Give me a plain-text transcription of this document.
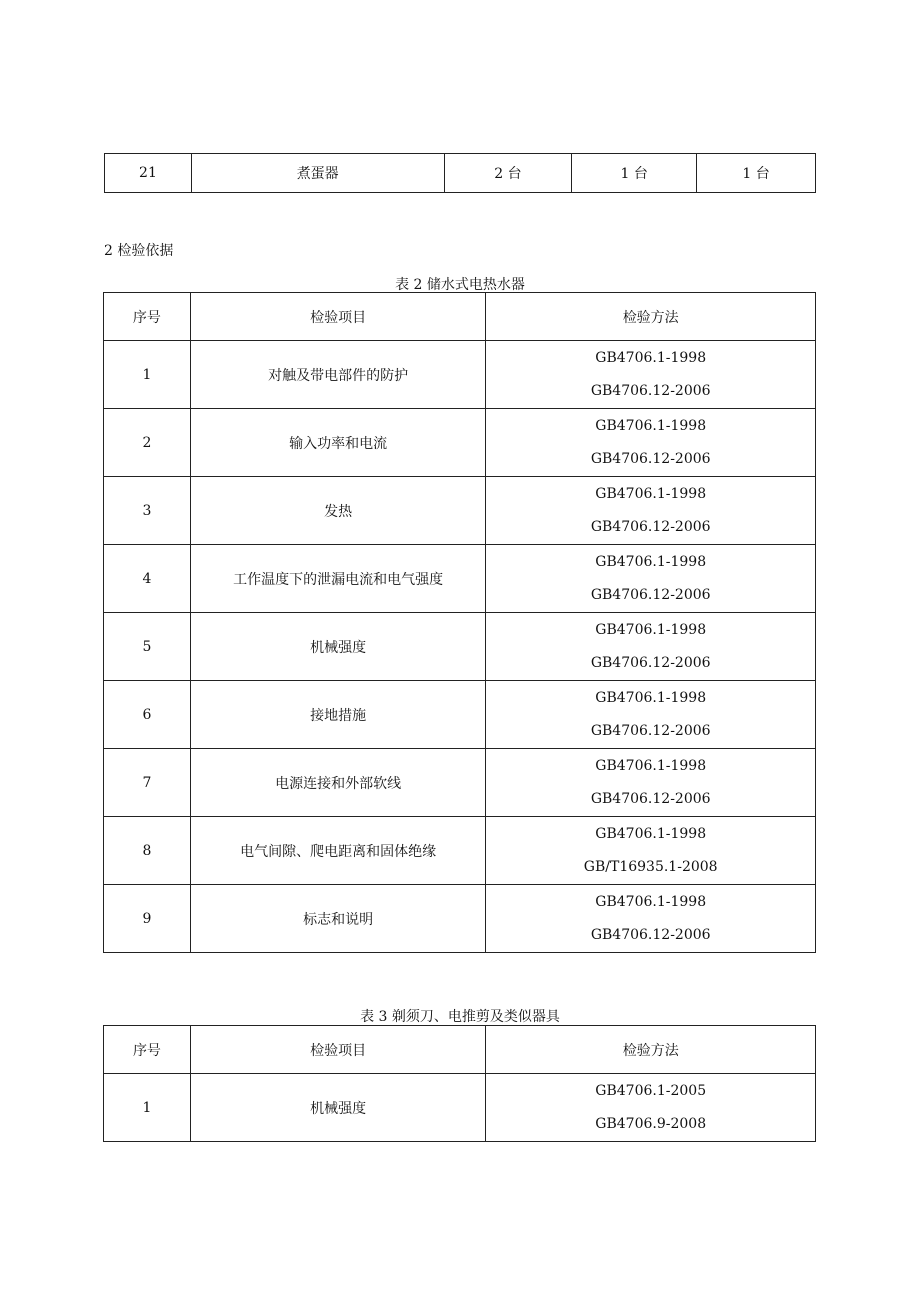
21	煮蛋器	2 台	1 台	1 台
2 检验依据
表 2 储水式电热水器
序号	检验项目	检验方法
1	对触及带电部件的防护	GB4706.1-1998
GB4706.12-2006

2	输入功率和电流	GB4706.1-1998
GB4706.12-2006

3	发热	GB4706.1-1998
GB4706.12-2006

4	工作温度下的泄漏电流和电气强度	GB4706.1-1998
GB4706.12-2006

5	机械强度	GB4706.1-1998
GB4706.12-2006

6	接地措施	GB4706.1-1998
GB4706.12-2006

7	电源连接和外部软线	GB4706.1-1998
GB4706.12-2006

8	电气间隙、爬电距离和固体绝缘	GB4706.1-1998
GB/T16935.1-2008

9	标志和说明	GB4706.1-1998
GB4706.12-2006
表 3 剃须刀、电推剪及类似器具
序号	检验项目	检验方法
1	机械强度	GB4706.1-2005
GB4706.9-2008
